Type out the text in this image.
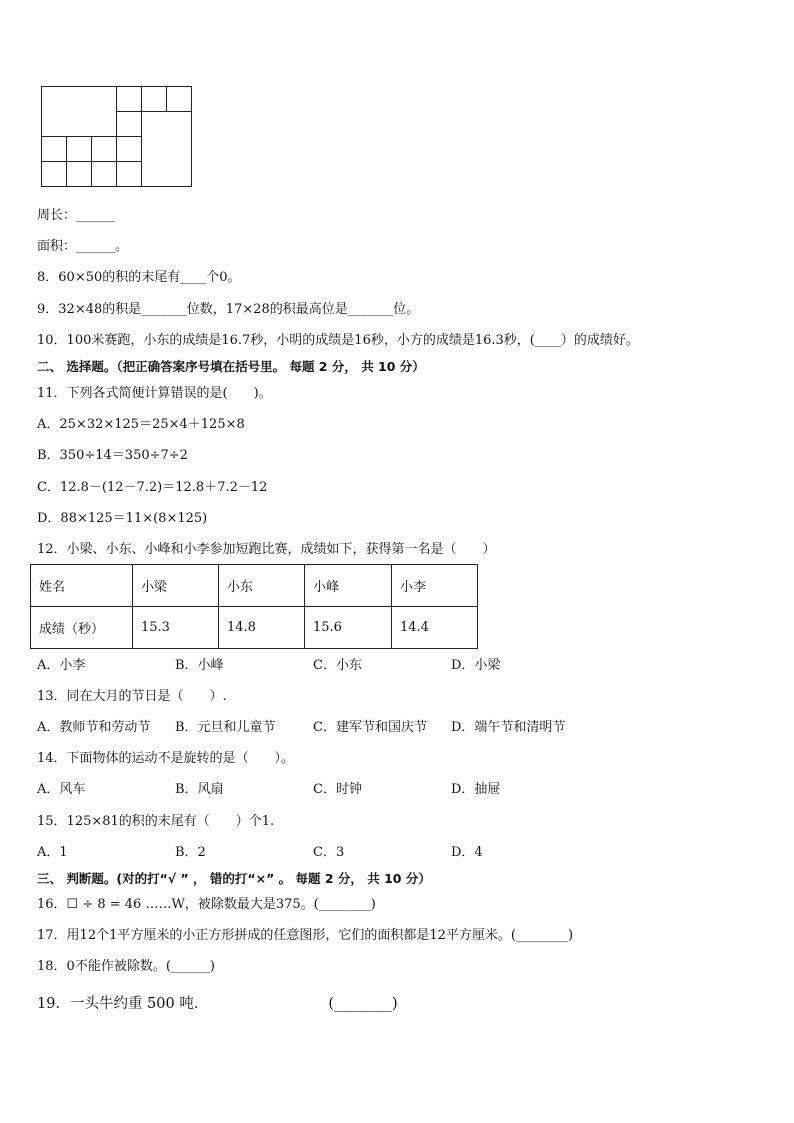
周长：______
面积：______。
8．60×50的积的末尾有____个0。
9．32×48的积是_______位数，17×28的积最高位是_______位。
10．100米赛跑，小东的成绩是16.7秒，小明的成绩是16秒，小方的成绩是16.3秒，(____）的成绩好。
二、 选择题。（把正确答案序号填在括号里。 每题 2 分， 共 10 分）
11．下列各式简便计算错误的是(　　)。
A．25×32×125＝25×4＋125×8
B．350÷14＝350÷7÷2
C．12.8－(12－7.2)＝12.8＋7.2－12
D．88×125＝11×(8×125)
12．小梁、小东、小峰和小李参加短跑比赛，成绩如下，获得第一名是（　　）
姓名	小梁	小东	小峰	小李
成绩（秒）	15.3	14.8	15.6	14.4
A．小李	B．小峰	C．小东	D．小梁
13．同在大月的节日是（　　）.
A．教师节和劳动节 B．元旦和儿童节	C．建军节和国庆节 D．端午节和清明节
14．下面物体的运动不是旋转的是（　　）。
A．风车	B．风扇	C．时钟	D．抽屉
15．125×81的积的末尾有（　　）个1.
A．1	B．2	C．3	D．4
三、 判断题。(对的打“√ ” ， 错的打“×” 。 每题 2 分， 共 10 分）
16．☐ ÷ 8 = 46 ……W，被除数最大是375。(________)
17．用12个1平方厘米的小正方形拼成的任意图形，它们的面积都是12平方厘米。(________)
18．0不能作被除数。(______)
19．一头牛约重 500 吨．	(________)
